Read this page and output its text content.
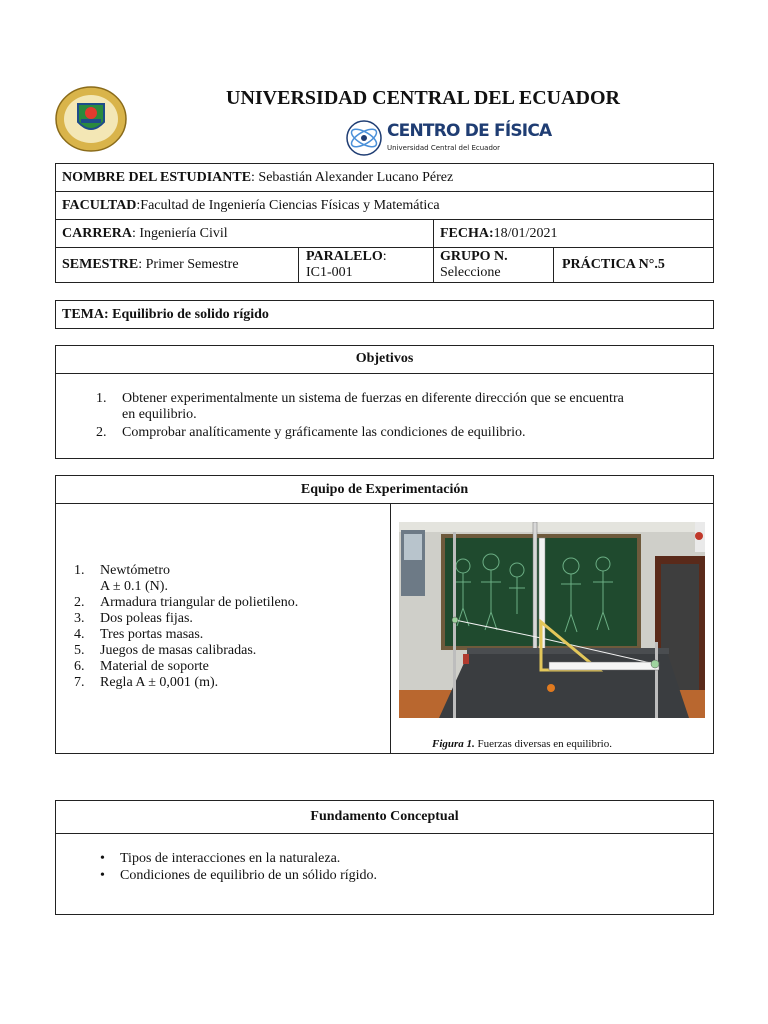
UNIVERSIDAD CENTRAL DEL ECUADOR
CENTRO DE FÍSICA
Universidad Central del Ecuador
NOMBRE DEL ESTUDIANTE: Sebastián Alexander Lucano Pérez
FACULTAD:Facultad de Ingeniería Ciencias Físicas y Matemática
CARRERA: Ingeniería Civil	FECHA:18/01/2021
SEMESTRE: Primer Semestre
PARALELO:
IC1-001
GRUPO N.
Seleccione
PRÁCTICA N°.5
TEMA: Equilibrio de solido rígido
Objetivos
1. Obtener experimentalmente un sistema de fuerzas en diferente dirección que se encuentra
en equilibrio.
2. Comprobar analíticamente y gráficamente las condiciones de equilibrio.
Equipo de Experimentación
1. Newtómetro
A ± 0.1 (N).
2. Armadura triangular de polietileno.
3. Dos poleas fijas.
4. Tres portas masas.
5. Juegos de masas calibradas.
6. Material de soporte
7. Regla A ± 0,001 (m).
Figura 1. Fuerzas diversas en equilibrio.
Fundamento Conceptual
• Tipos de interacciones en la naturaleza.
• Condiciones de equilibrio de un sólido rígido.
